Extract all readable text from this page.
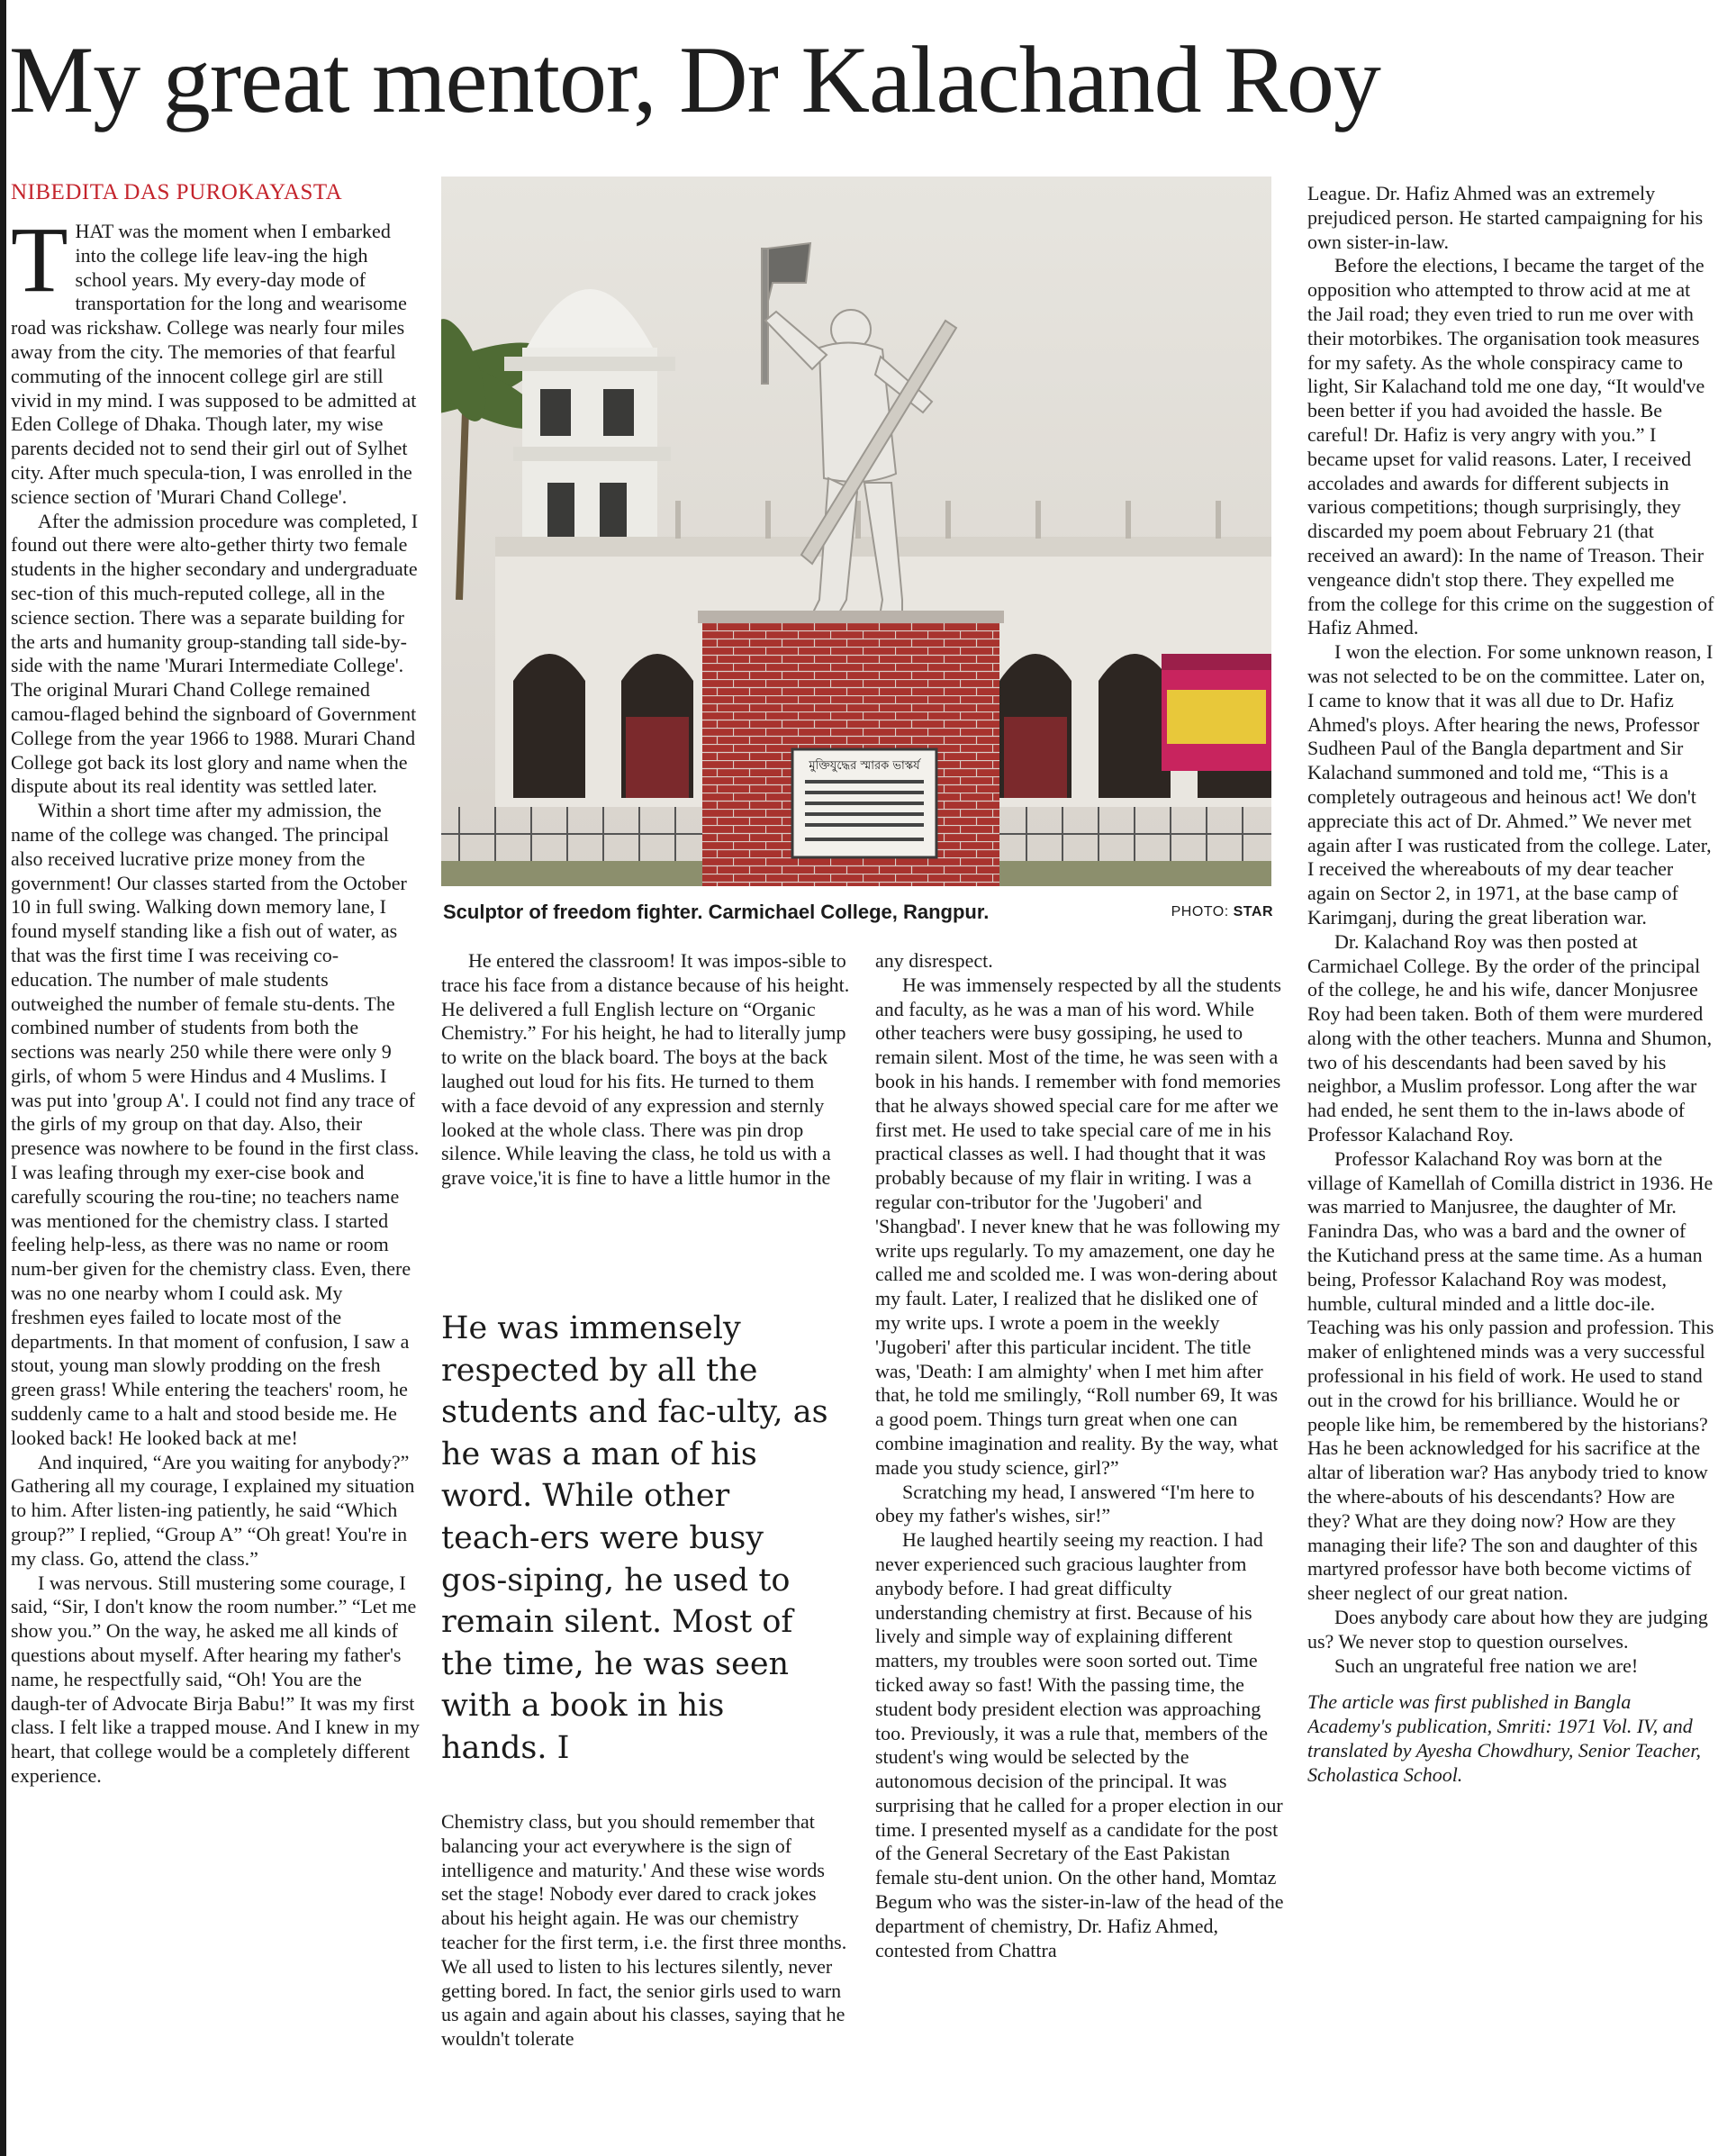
My great mentor, Dr Kalachand Roy
NIBEDITA DAS PUROKAYASTA

THAT was the moment when I embarked into the college life leav-ing the high school years. My every-day mode of transportation for the long and wearisome road was rickshaw. College was nearly four miles away from the city. The memories of that fearful commuting of the innocent college girl are still vivid in my mind. I was supposed to be admitted at Eden College of Dhaka. Though later, my wise parents decided not to send their girl out of Sylhet city. After much specula-tion, I was enrolled in the science section of 'Murari Chand College'.

After the admission procedure was completed, I found out there were alto-gether thirty two female students in the higher secondary and undergraduate sec-tion of this much-reputed college, all in the science section. There was a separate building for the arts and humanity group-standing tall side-by-side with the name 'Murari Intermediate College'. The original Murari Chand College remained camou-flaged behind the signboard of Government College from the year 1966 to 1988. Murari Chand College got back its lost glory and name when the dispute about its real identity was settled later.

Within a short time after my admission, the name of the college was changed. The principal also received lucrative prize money from the government! Our classes started from the October 10 in full swing. Walking down memory lane, I found myself standing like a fish out of water, as that was the first time I was receiving co-education. The number of male students outweighed the number of female stu-dents. The combined number of students from both the sections was nearly 250 while there were only 9 girls, of whom 5 were Hindus and 4 Muslims. I was put into 'group A'. I could not find any trace of the girls of my group on that day. Also, their presence was nowhere to be found in the first class. I was leafing through my exer-cise book and carefully scouring the rou-tine; no teachers name was mentioned for the chemistry class. I started feeling help-less, as there was no name or room num-ber given for the chemistry class. Even, there was no one nearby whom I could ask. My freshmen eyes failed to locate most of the departments. In that moment of confusion, I saw a stout, young man slowly prodding on the fresh green grass! While entering the teachers' room, he suddenly came to a halt and stood beside me. He looked back! He looked back at me!

And inquired, “Are you waiting for anybody?” Gathering all my courage, I explained my situation to him. After listen-ing patiently, he said “Which group?” I replied, “Group A” “Oh great! You're in my class. Go, attend the class.”

I was nervous. Still mustering some courage, I said, “Sir, I don't know the room number.” “Let me show you.” On the way, he asked me all kinds of questions about myself. After hearing my father's name, he respectfully said, “Oh! You are the daugh-ter of Advocate Birja Babu!” It was my first class. I felt like a trapped mouse. And I knew in my heart, that college would be a completely different experience.

মুক্তিযুদ্ধের স্মারক ভাস্কর্য
Sculptor of freedom fighter. Carmichael College, Rangpur.	PHOTO: STAR

He entered the classroom! It was impos-sible to trace his face from a distance because of his height. He delivered a full English lecture on “Organic Chemistry.” For his height, he had to literally jump to write on the black board. The boys at the back laughed out loud for his fits. He turned to them with a face devoid of any expression and sternly looked at the whole class. There was pin drop silence. While leaving the class, he told us with a grave voice,'it is fine to have a little humor in the

He was immensely respected by all the students and fac-ulty, as he was a man of his word. While other teach-ers were busy gos-siping, he used to remain silent. Most of the time, he was seen with a book in his hands. I

Chemistry class, but you should remember that balancing your act everywhere is the sign of intelligence and maturity.' And these wise words set the stage! Nobody ever dared to crack jokes about his height again. He was our chemistry teacher for the first term, i.e. the first three months. We all used to listen to his lectures silently, never getting bored. In fact, the senior girls used to warn us again and again about his classes, saying that he wouldn't tolerate

any disrespect.

He was immensely respected by all the students and faculty, as he was a man of his word. While other teachers were busy gossiping, he used to remain silent. Most of the time, he was seen with a book in his hands. I remember with fond memories that he always showed special care for me after we first met. He used to take special care of me in his practical classes as well. I had thought that it was probably because of my flair in writing. I was a regular con-tributor for the 'Jugoberi' and 'Shangbad'. I never knew that he was following my write ups regularly. To my amazement, one day he called me and scolded me. I was won-dering about my fault. Later, I realized that he disliked one of my write ups. I wrote a poem in the weekly 'Jugoberi' after this particular incident. The title was, 'Death: I am almighty' when I met him after that, he told me smilingly, “Roll number 69, It was a good poem. Things turn great when one can combine imagination and reality. By the way, what made you study science, girl?”

Scratching my head, I answered “I'm here to obey my father's wishes, sir!”

He laughed heartily seeing my reaction. I had never experienced such gracious laughter from anybody before. I had great difficulty understanding chemistry at first. Because of his lively and simple way of explaining different matters, my troubles were soon sorted out. Time ticked away so fast! With the passing time, the student body president election was approaching too. Previously, it was a rule that, members of the student's wing would be selected by the autonomous decision of the principal. It was surprising that he called for a proper election in our time. I presented myself as a candidate for the post of the General Secretary of the East Pakistan female stu-dent union. On the other hand, Momtaz Begum who was the sister-in-law of the head of the department of chemistry, Dr. Hafiz Ahmed, contested from Chattra

League. Dr. Hafiz Ahmed was an extremely prejudiced person. He started campaigning for his own sister-in-law.

Before the elections, I became the target of the opposition who attempted to throw acid at me at the Jail road; they even tried to run me over with their motorbikes. The organisation took measures for my safety. As the whole conspiracy came to light, Sir Kalachand told me one day, “It would've been better if you had avoided the hassle. Be careful! Dr. Hafiz is very angry with you.” I became upset for valid reasons. Later, I received accolades and awards for different subjects in various competitions; though surprisingly, they discarded my poem about February 21 (that received an award): In the name of Treason. Their vengeance didn't stop there. They expelled me from the college for this crime on the suggestion of Hafiz Ahmed.

I won the election. For some unknown reason, I was not selected to be on the committee. Later on, I came to know that it was all due to Dr. Hafiz Ahmed's ploys. After hearing the news, Professor Sudheen Paul of the Bangla department and Sir Kalachand summoned and told me, “This is a completely outrageous and heinous act! We don't appreciate this act of Dr. Ahmed.” We never met again after I was rusticated from the college. Later, I received the whereabouts of my dear teacher again on Sector 2, in 1971, at the base camp of Karimganj, during the great liberation war.

Dr. Kalachand Roy was then posted at Carmichael College. By the order of the principal of the college, he and his wife, dancer Monjusree Roy had been taken. Both of them were murdered along with the other teachers. Munna and Shumon, two of his descendants had been saved by his neighbor, a Muslim professor. Long after the war had ended, he sent them to the in-laws abode of Professor Kalachand Roy.

Professor Kalachand Roy was born at the village of Kamellah of Comilla district in 1936. He was married to Manjusree, the daughter of Mr. Fanindra Das, who was a bard and the owner of the Kutichand press at the same time. As a human being, Professor Kalachand Roy was modest, humble, cultural minded and a little doc-ile. Teaching was his only passion and profession. This maker of enlightened minds was a very successful professional in his field of work. He used to stand out in the crowd for his brilliance. Would he or people like him, be remembered by the historians? Has he been acknowledged for his sacrifice at the altar of liberation war? Has anybody tried to know the where-abouts of his descendants? How are they? What are they doing now? How are they managing their life? The son and daughter of this martyred professor have both become victims of sheer neglect of our great nation.

Does anybody care about how they are judging us? We never stop to question ourselves.

Such an ungrateful free nation we are!

The article was first published in Bangla Academy's publication, Smriti: 1971 Vol. IV, and translated by Ayesha Chowdhury, Senior Teacher, Scholastica School.
